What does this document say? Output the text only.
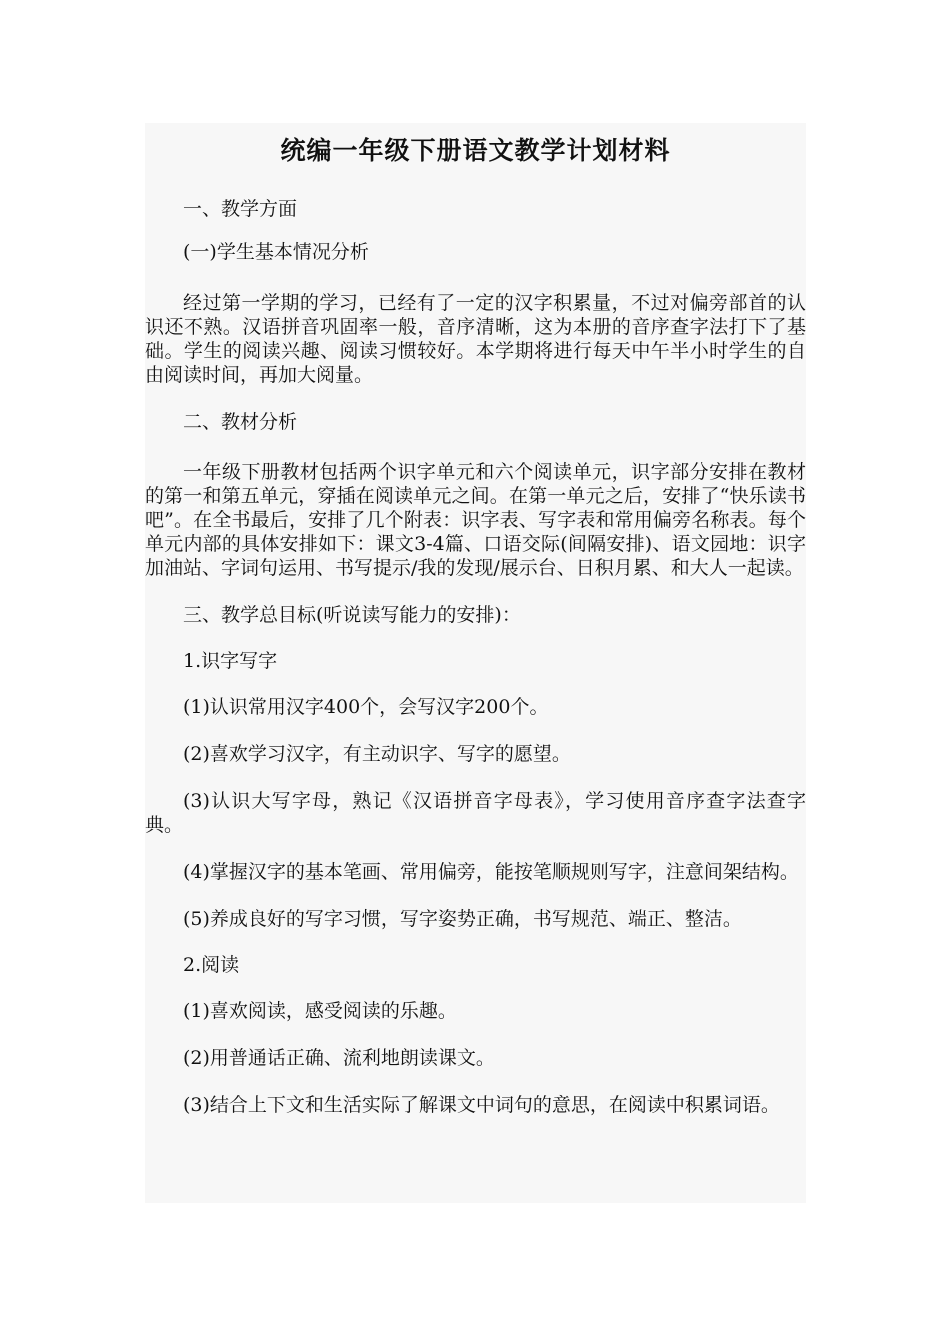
统编一年级下册语文教学计划材料

一、教学方面

(一)学生基本情况分析

经过第一学期的学习，已经有了一定的汉字积累量，不过对偏旁部首的认识还不熟。汉语拼音巩固率一般，音序清晰，这为本册的音序查字法打下了基础。学生的阅读兴趣、阅读习惯较好。本学期将进行每天中午半小时学生的自由阅读时间，再加大阅量。

二、教材分析

一年级下册教材包括两个识字单元和六个阅读单元，识字部分安排在教材的第一和第五单元，穿插在阅读单元之间。在第一单元之后，安排了“快乐读书吧”。在全书最后，安排了几个附表：识字表、写字表和常用偏旁名称表。每个单元内部的具体安排如下：课文3-4篇、口语交际(间隔安排)、语文园地：识字加油站、字词句运用、书写提示/我的发现/展示台、日积月累、和大人一起读。

三、教学总目标(听说读写能力的安排)：

1.识字写字

(1)认识常用汉字400个，会写汉字200个。

(2)喜欢学习汉字，有主动识字、写字的愿望。

(3)认识大写字母，熟记《汉语拼音字母表》，学习使用音序查字法查字典。

(4)掌握汉字的基本笔画、常用偏旁，能按笔顺规则写字，注意间架结构。

(5)养成良好的写字习惯，写字姿势正确，书写规范、端正、整洁。

2.阅读

(1)喜欢阅读，感受阅读的乐趣。

(2)用普通话正确、流利地朗读课文。

(3)结合上下文和生活实际了解课文中词句的意思，在阅读中积累词语。
